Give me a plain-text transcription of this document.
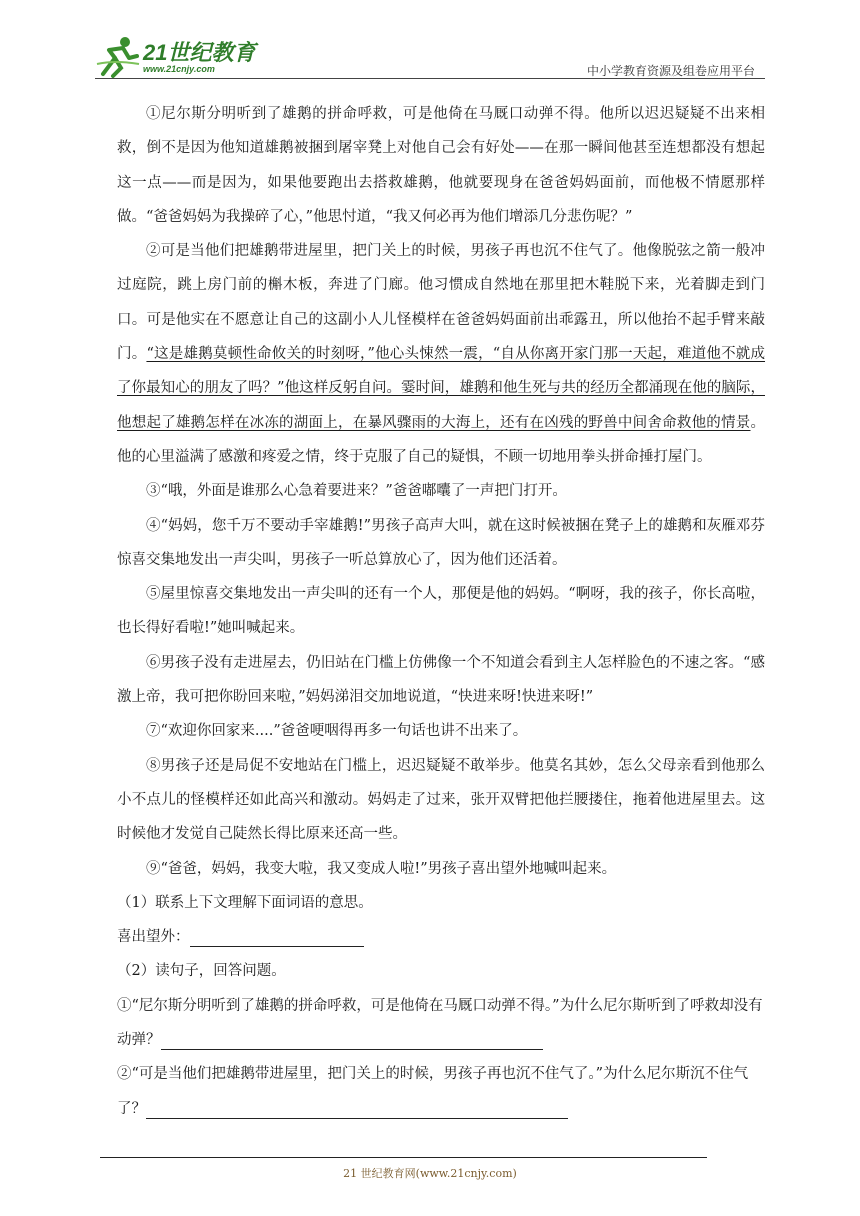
21世纪教育
www.21cnjy.com	中小学教育资源及组卷应用平台

①尼尔斯分明听到了雄鹅的拼命呼救，可是他倚在马厩口动弹不得。他所以迟迟疑疑不出来相救，倒不是因为他知道雄鹅被捆到屠宰凳上对他自己会有好处——在那一瞬间他甚至连想都没有想起这一点——而是因为，如果他要跑出去搭救雄鹅，他就要现身在爸爸妈妈面前，而他极不情愿那样做。“爸爸妈妈为我操碎了心，”他思忖道，“我又何必再为他们增添几分悲伤呢？”

②可是当他们把雄鹅带进屋里，把门关上的时候，男孩子再也沉不住气了。他像脱弦之箭一般冲过庭院，跳上房门前的槲木板，奔进了门廊。他习惯成自然地在那里把木鞋脱下来，光着脚走到门口。可是他实在不愿意让自己的这副小人儿怪模样在爸爸妈妈面前出乖露丑，所以他抬不起手臂来敲门。“这是雄鹅莫顿性命攸关的时刻呀，”他心头悚然一震，“自从你离开家门那一天起，难道他不就成了你最知心的朋友了吗？”他这样反躬自问。霎时间，雄鹅和他生死与共的经历全都涌现在他的脑际，他想起了雄鹅怎样在冰冻的湖面上，在暴风骤雨的大海上，还有在凶残的野兽中间舍命救他的情景。他的心里溢满了感激和疼爱之情，终于克服了自己的疑惧，不顾一切地用拳头拼命捶打屋门。

③“哦，外面是谁那么心急着要进来？”爸爸嘟囔了一声把门打开。

④“妈妈，您千万不要动手宰雄鹅!”男孩子高声大叫，就在这时候被捆在凳子上的雄鹅和灰雁邓芬惊喜交集地发出一声尖叫，男孩子一听总算放心了，因为他们还活着。

⑤屋里惊喜交集地发出一声尖叫的还有一个人，那便是他的妈妈。“啊呀，我的孩子，你长高啦，也长得好看啦!”她叫喊起来。

⑥男孩子没有走进屋去，仍旧站在门槛上仿佛像一个不知道会看到主人怎样脸色的不速之客。“感激上帝，我可把你盼回来啦，”妈妈涕泪交加地说道，“快进来呀!快进来呀!”

⑦“欢迎你回家来....”爸爸哽咽得再多一句话也讲不出来了。

⑧男孩子还是局促不安地站在门槛上，迟迟疑疑不敢举步。他莫名其妙，怎么父母亲看到他那么小不点儿的怪模样还如此高兴和激动。妈妈走了过来，张开双臂把他拦腰搂住，拖着他进屋里去。这时候他才发觉自己陡然长得比原来还高一些。

⑨“爸爸，妈妈，我变大啦，我又变成人啦!”男孩子喜出望外地喊叫起来。

（1）联系上下文理解下面词语的意思。

喜出望外：

（2）读句子，回答问题。

①“尼尔斯分明听到了雄鹅的拼命呼救，可是他倚在马厩口动弹不得。”为什么尼尔斯听到了呼救却没有动弹？

②“可是当他们把雄鹅带进屋里，把门关上的时候，男孩子再也沉不住气了。”为什么尼尔斯沉不住气了？

21 世纪教育网(www.21cnjy.com)
